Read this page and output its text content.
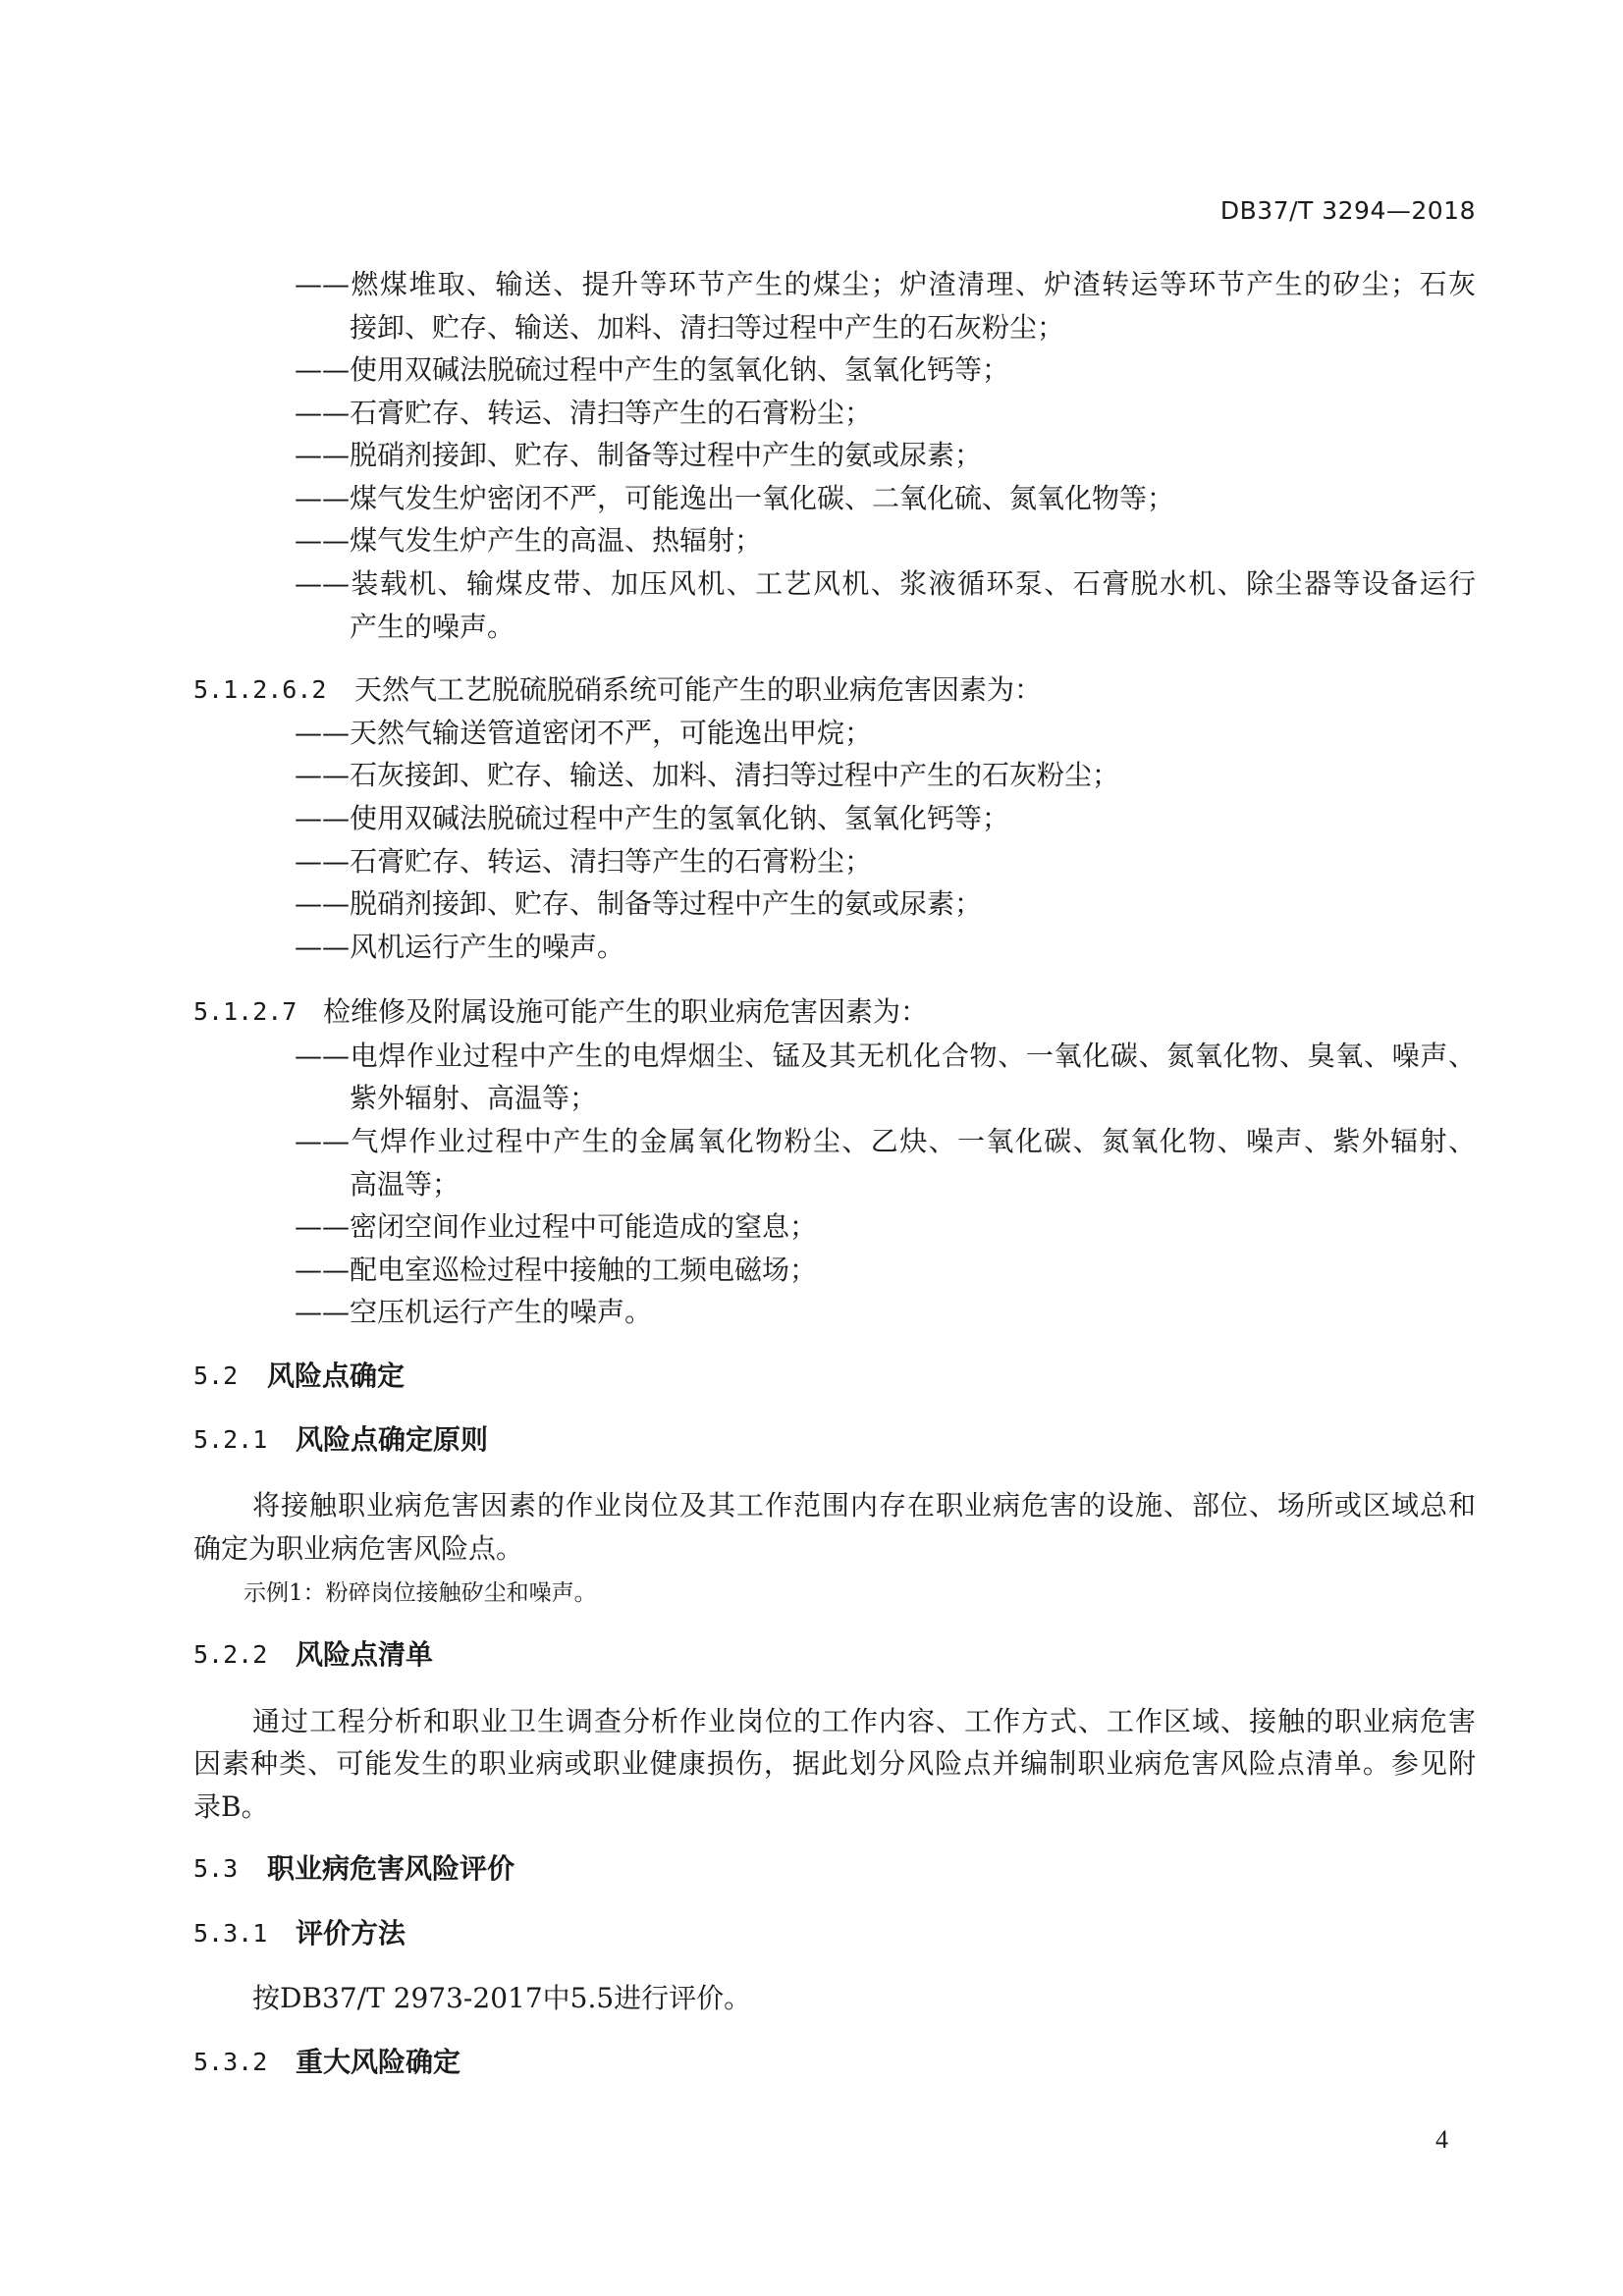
DB37/T 3294—2018
——燃煤堆取、输送、提升等环节产生的煤尘；炉渣清理、炉渣转运等环节产生的矽尘；石灰
接卸、贮存、输送、加料、清扫等过程中产生的石灰粉尘；
——使用双碱法脱硫过程中产生的氢氧化钠、氢氧化钙等；
——石膏贮存、转运、清扫等产生的石膏粉尘；
——脱硝剂接卸、贮存、制备等过程中产生的氨或尿素；
——煤气发生炉密闭不严，可能逸出一氧化碳、二氧化硫、氮氧化物等；
——煤气发生炉产生的高温、热辐射；
——装载机、输煤皮带、加压风机、工艺风机、浆液循环泵、石膏脱水机、除尘器等设备运行
产生的噪声。
5.1.2.6.2 天然气工艺脱硫脱硝系统可能产生的职业病危害因素为：
——天然气输送管道密闭不严，可能逸出甲烷；
——石灰接卸、贮存、输送、加料、清扫等过程中产生的石灰粉尘；
——使用双碱法脱硫过程中产生的氢氧化钠、氢氧化钙等；
——石膏贮存、转运、清扫等产生的石膏粉尘；
——脱硝剂接卸、贮存、制备等过程中产生的氨或尿素；
——风机运行产生的噪声。
5.1.2.7 检维修及附属设施可能产生的职业病危害因素为：
——电焊作业过程中产生的电焊烟尘、锰及其无机化合物、一氧化碳、氮氧化物、臭氧、噪声、
紫外辐射、高温等；
——气焊作业过程中产生的金属氧化物粉尘、乙炔、一氧化碳、氮氧化物、噪声、紫外辐射、
高温等；
——密闭空间作业过程中可能造成的窒息；
——配电室巡检过程中接触的工频电磁场；
——空压机运行产生的噪声。
5.2 风险点确定
5.2.1 风险点确定原则
将接触职业病危害因素的作业岗位及其工作范围内存在职业病危害的设施、部位、场所或区域总和
确定为职业病危害风险点。
示例1：粉碎岗位接触矽尘和噪声。
5.2.2 风险点清单
通过工程分析和职业卫生调查分析作业岗位的工作内容、工作方式、工作区域、接触的职业病危害
因素种类、可能发生的职业病或职业健康损伤，据此划分风险点并编制职业病危害风险点清单。参见附
录B。
5.3 职业病危害风险评价
5.3.1 评价方法
按DB37/T 2973-2017中5.5进行评价。
5.3.2 重大风险确定
4
